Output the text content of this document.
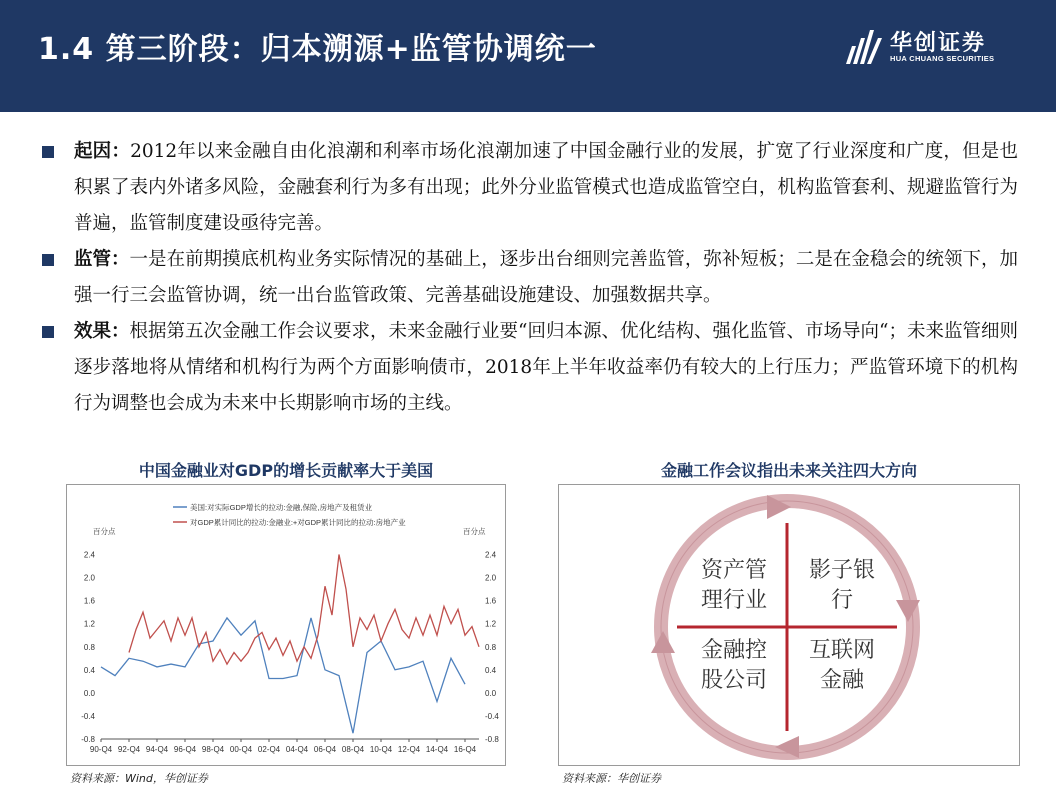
1.4 第三阶段：归本溯源+监管协调统一	华创证券
HUA CHUANG SECURITIES
起因：2012年以来金融自由化浪潮和利率市场化浪潮加速了中国金融行业的发展，扩宽了行业深度和广度，但是也积累了表内外诸多风险，金融套利行为多有出现；此外分业监管模式也造成监管空白，机构监管套利、规避监管行为普遍，监管制度建设亟待完善。
监管：一是在前期摸底机构业务实际情况的基础上，逐步出台细则完善监管，弥补短板；二是在金稳会的统领下，加强一行三会监管协调，统一出台监管政策、完善基础设施建设、加强数据共享。
效果：根据第五次金融工作会议要求，未来金融行业要“回归本源、优化结构、强化监管、市场导向“；未来监管细则逐步落地将从情绪和机构行为两个方面影响债市，2018年上半年收益率仍有较大的上行压力；严监管环境下的机构行为调整也会成为未来中长期影响市场的主线。
中国金融业对GDP的增长贡献率大于美国
美国:对实际GDP增长的拉动:金融,保险,房地产及租赁业
对GDP累计同比的拉动:金融业:+对GDP累计同比的拉动:房地产业
百分点	百分点
2.4	2.4
2.0	2.0
1.6	1.6
1.2	1.2
0.8	0.8
0.4	0.4
0.0	0.0
-0.4	-0.4
-0.8	-0.8
90-Q4 92-Q4 94-Q4 96-Q4 98-Q4 00-Q4 02-Q4 04-Q4 06-Q4 08-Q4 10-Q4 12-Q4 14-Q4 16-Q4
资料来源：Wind，华创证券
金融工作会议指出未来关注四大方向
资产管
理行业
影子银
行
金融控
股公司
互联网
金融
资料来源：华创证券
